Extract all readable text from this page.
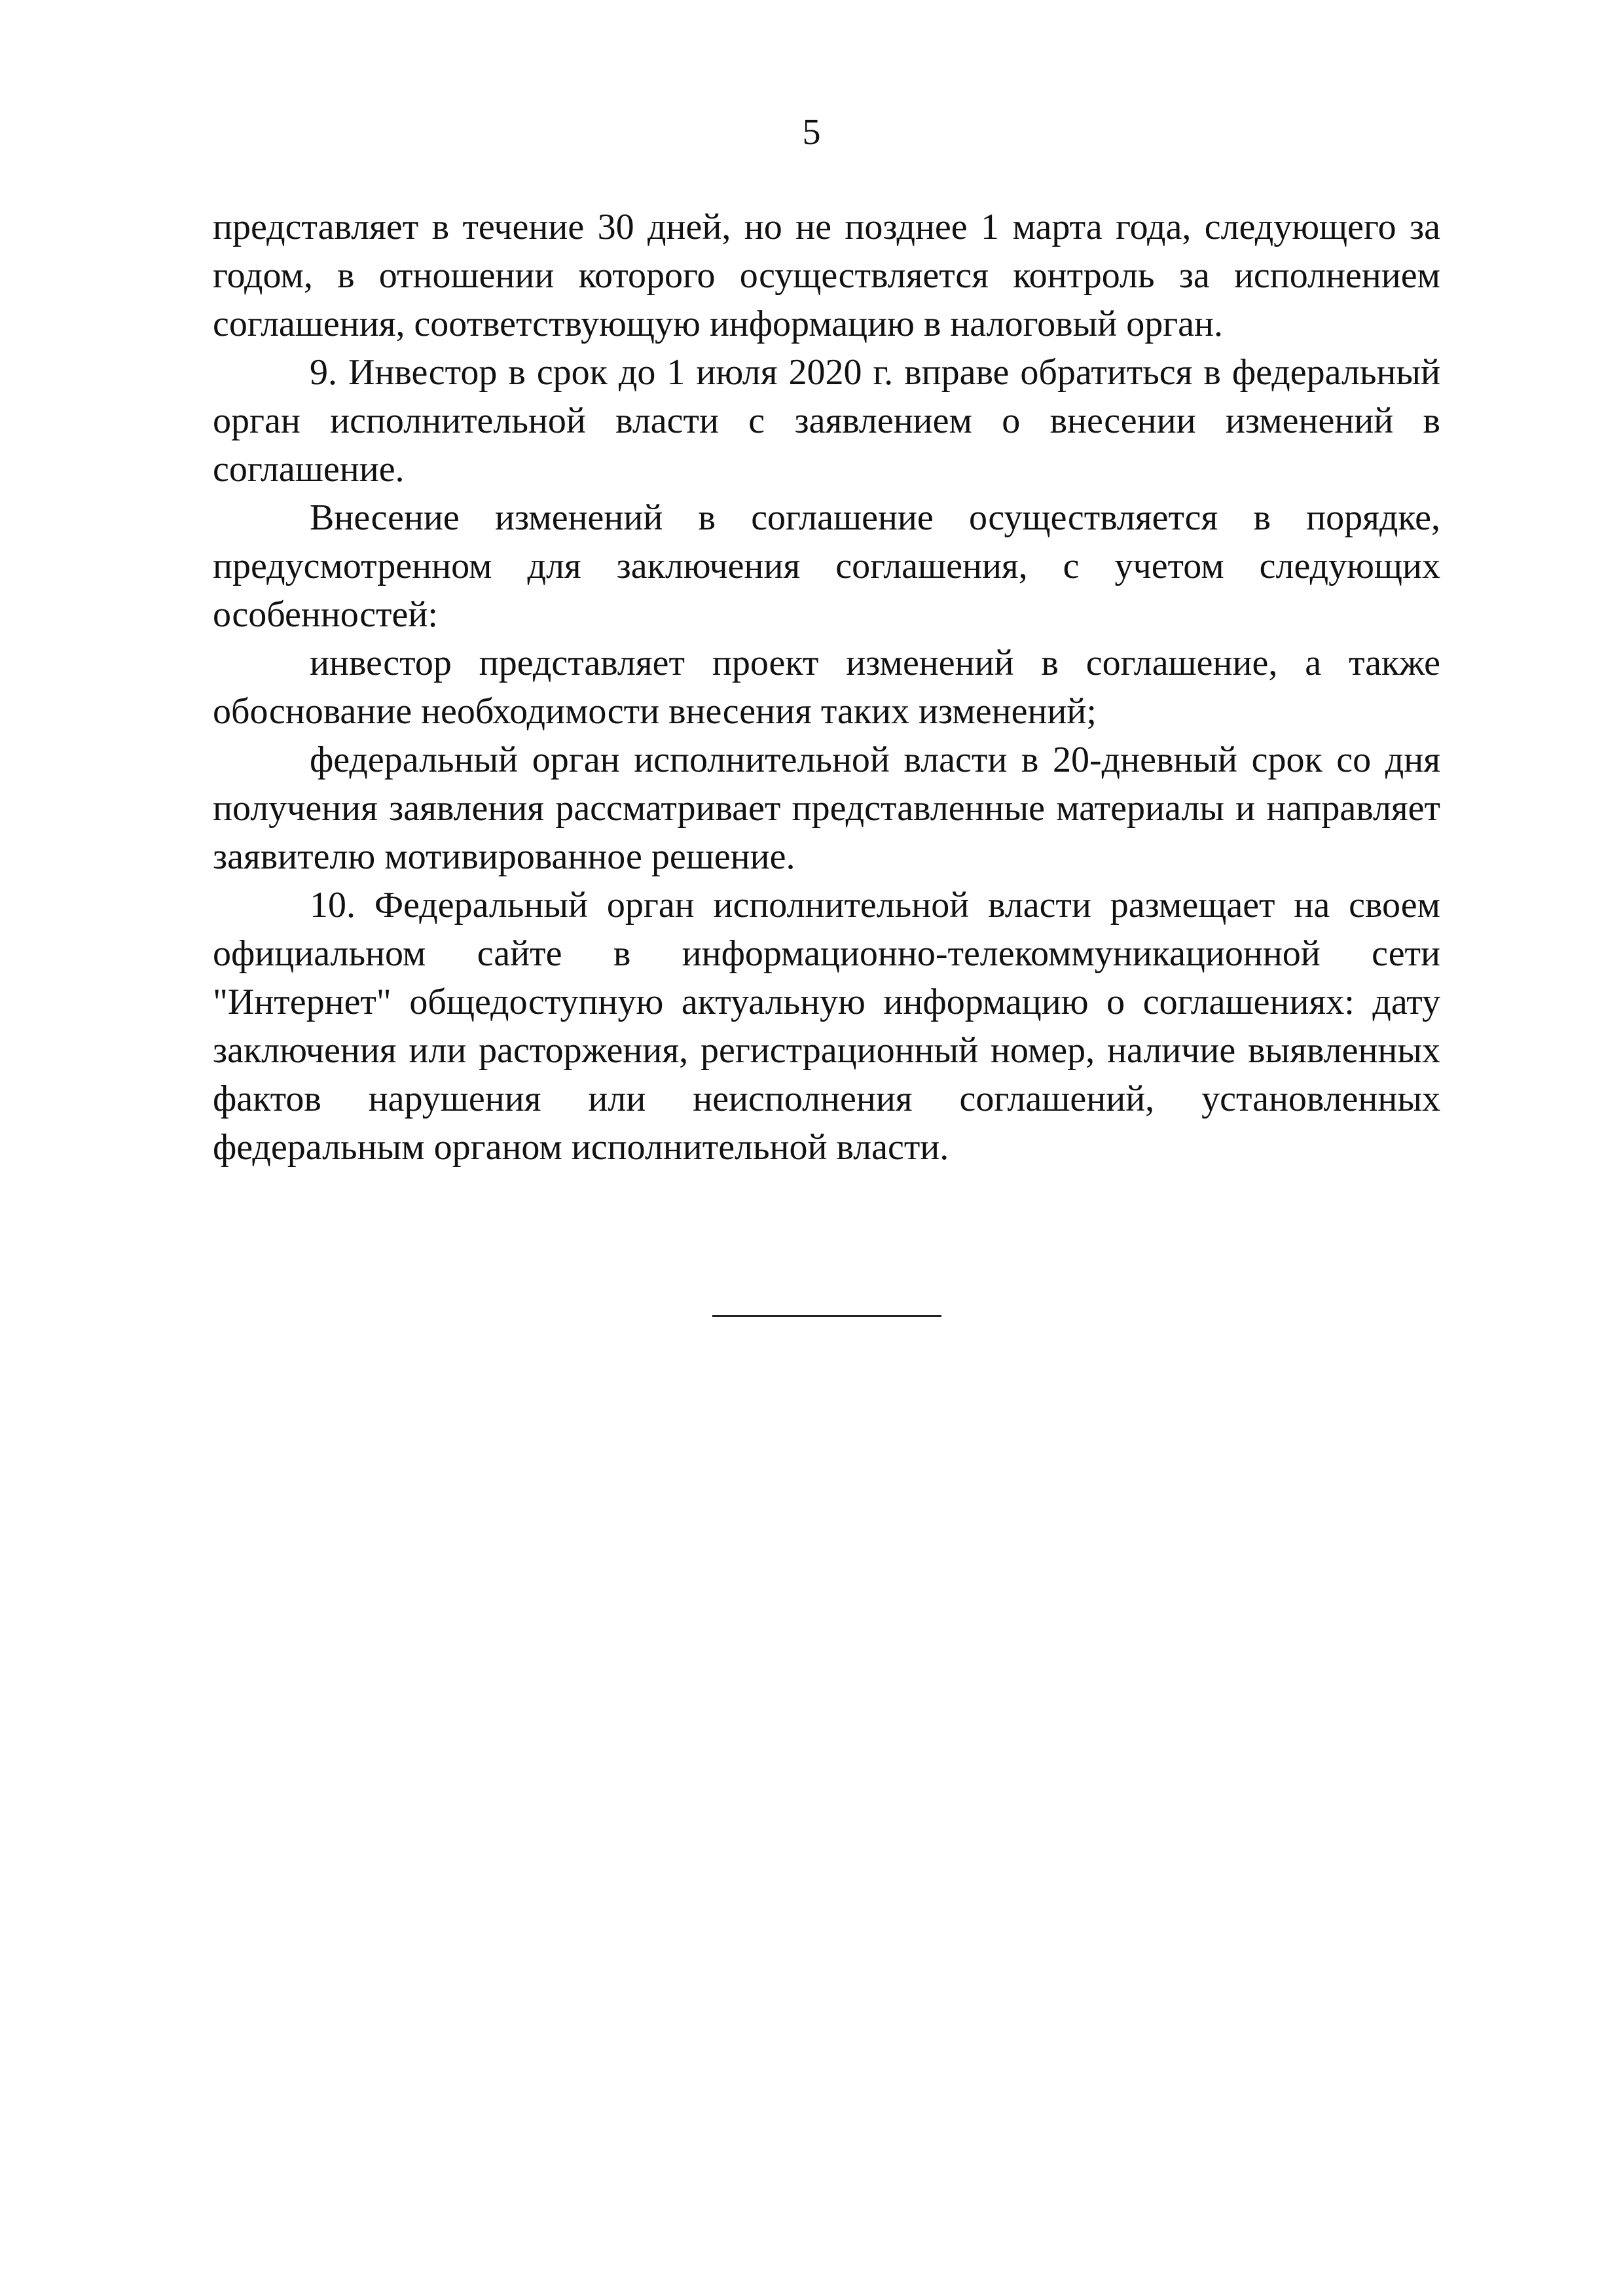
5

представляет в течение 30 дней, но не позднее 1 марта года, следующего за годом, в отношении которого осуществляется контроль за исполнением соглашения, соответствующую информацию в налоговый орган.

9. Инвестор в срок до 1 июля 2020 г. вправе обратиться в федеральный орган исполнительной власти с заявлением о внесении изменений в соглашение.

Внесение изменений в соглашение осуществляется в порядке, предусмотренном для заключения соглашения, с учетом следующих особенностей:

инвестор представляет проект изменений в соглашение, а также обоснование необходимости внесения таких изменений;

федеральный орган исполнительной власти в 20-дневный срок со дня получения заявления рассматривает представленные материалы и направляет заявителю мотивированное решение.

10. Федеральный орган исполнительной власти размещает на своем официальном сайте в информационно-телекоммуникационной сети "Интернет" общедоступную актуальную информацию о соглашениях: дату заключения или расторжения, регистрационный номер, наличие выявленных фактов нарушения или неисполнения соглашений, установленных федеральным органом исполнительной власти.
